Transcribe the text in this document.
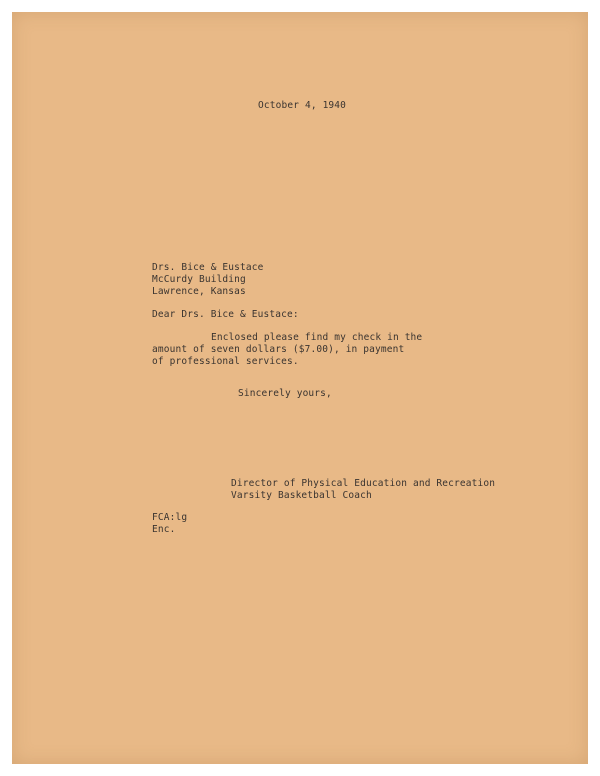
October 4, 1940

Drs. Bice & Eustace

McCurdy Building

Lawrence, Kansas

Dear Drs. Bice & Eustace:

Enclosed please find my check in the

amount of seven dollars ($7.00), in payment

of professional services.

Sincerely yours,

Director of Physical Education and Recreation

Varsity Basketball Coach

FCA:lg

Enc.
